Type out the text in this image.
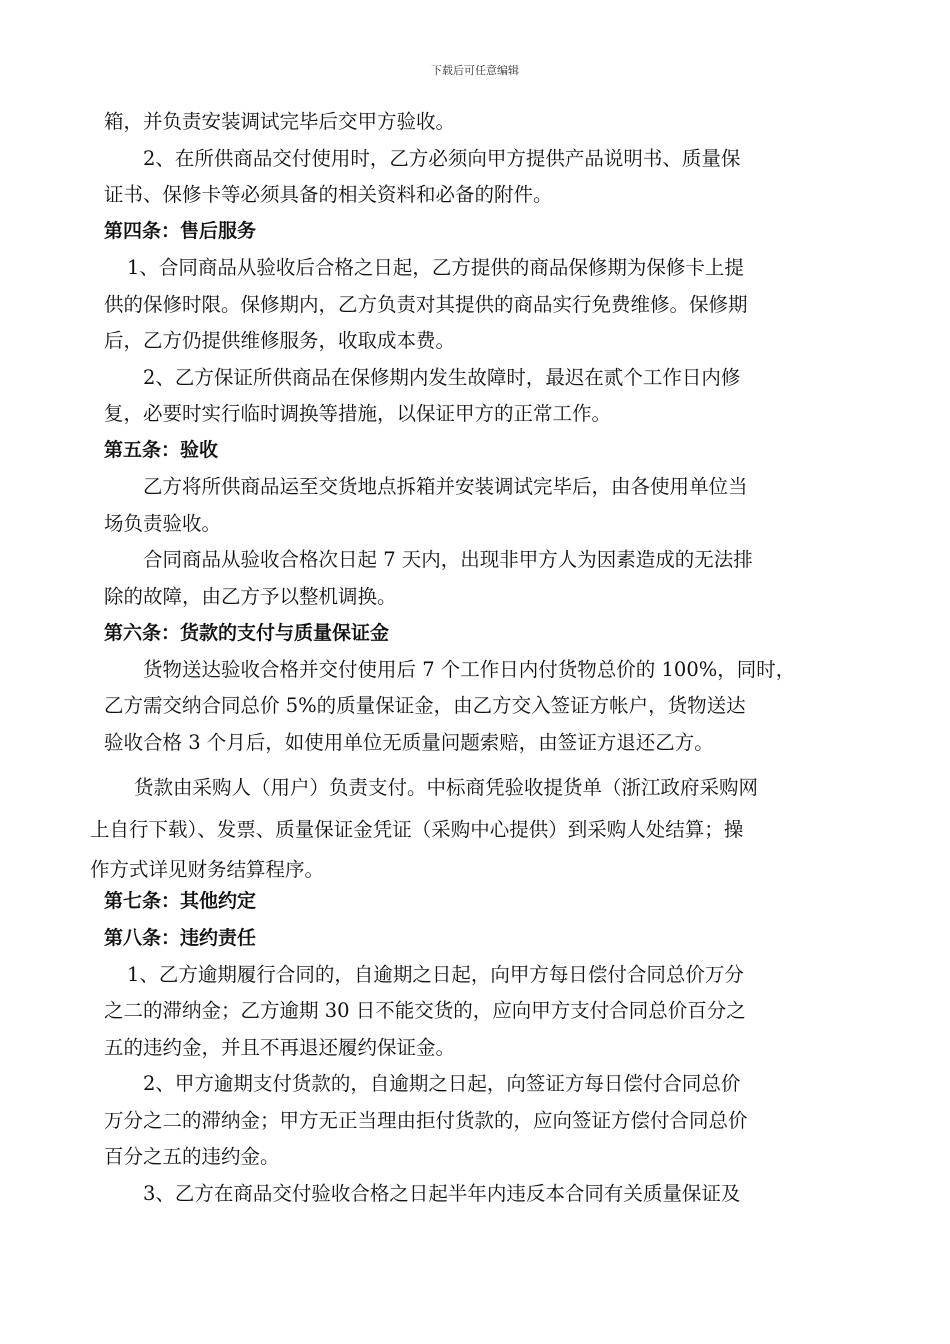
下载后可任意编辑
箱，并负责安装调试完毕后交甲方验收。
2、在所供商品交付使用时，乙方必须向甲方提供产品说明书、质量保
证书、保修卡等必须具备的相关资料和必备的附件。
第四条：售后服务
1、合同商品从验收后合格之日起，乙方提供的商品保修期为保修卡上提
供的保修时限。保修期内，乙方负责对其提供的商品实行免费维修。保修期
后，乙方仍提供维修服务，收取成本费。
2、乙方保证所供商品在保修期内发生故障时，最迟在贰个工作日内修
复，必要时实行临时调换等措施，以保证甲方的正常工作。
第五条：验收
乙方将所供商品运至交货地点拆箱并安装调试完毕后，由各使用单位当
场负责验收。
合同商品从验收合格次日起 7 天内，出现非甲方人为因素造成的无法排
除的故障，由乙方予以整机调换。
第六条：货款的支付与质量保证金
货物送达验收合格并交付使用后 7 个工作日内付货物总价的 100%，同时，
乙方需交纳合同总价 5%的质量保证金，由乙方交入签证方帐户，货物送达
验收合格 3 个月后，如使用单位无质量问题索赔，由签证方退还乙方。
货款由采购人（用户）负责支付。中标商凭验收提货单（浙江政府采购网
上自行下载）、发票、质量保证金凭证（采购中心提供）到采购人处结算；操
作方式详见财务结算程序。
第七条：其他约定
第八条：违约责任
1、乙方逾期履行合同的，自逾期之日起，向甲方每日偿付合同总价万分
之二的滞纳金；乙方逾期 30 日不能交货的，应向甲方支付合同总价百分之
五的违约金，并且不再退还履约保证金。
2、甲方逾期支付货款的，自逾期之日起，向签证方每日偿付合同总价
万分之二的滞纳金；甲方无正当理由拒付货款的，应向签证方偿付合同总价
百分之五的违约金。
3、乙方在商品交付验收合格之日起半年内违反本合同有关质量保证及
